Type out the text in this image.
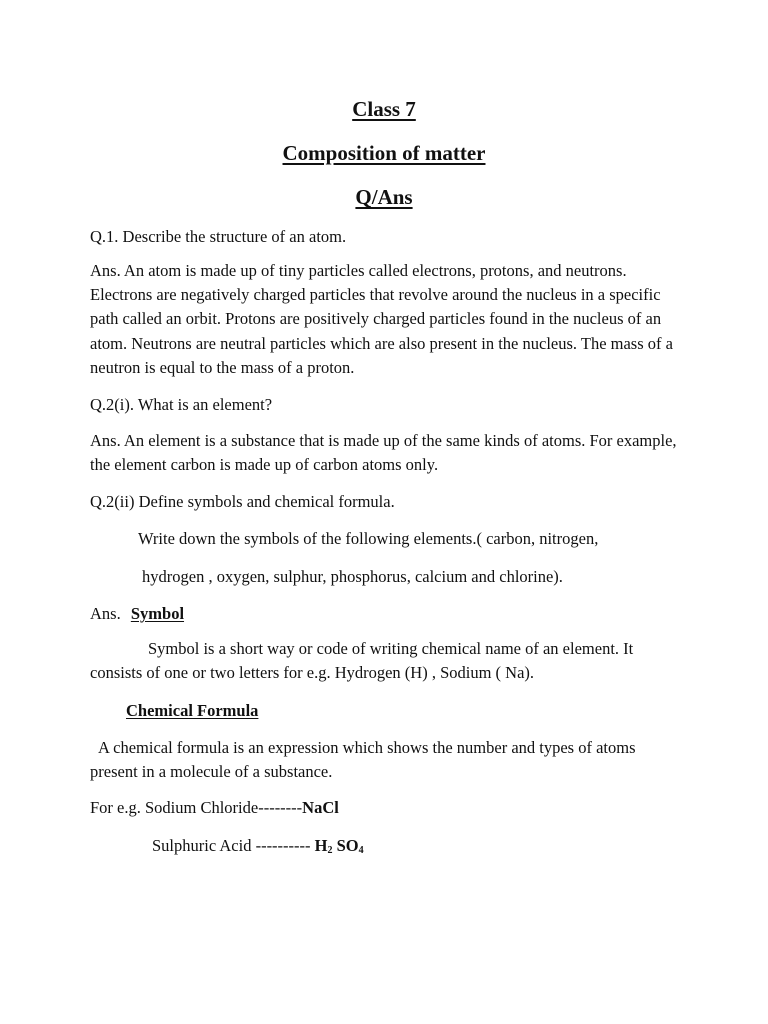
Class 7
Composition of matter
Q/Ans
Q.1. Describe the structure of an atom.
Ans. An atom is made up of tiny particles called electrons, protons, and neutrons. Electrons are negatively charged particles that revolve around the nucleus in a specific path called an orbit. Protons are positively charged particles found in the nucleus of an atom. Neutrons are neutral particles which are also present in the nucleus. The mass of a neutron is equal to the mass of a proton.
Q.2(i). What is an element?
Ans. An element is a substance that is made up of the same kinds of atoms. For example, the element carbon is made up of carbon atoms only.
Q.2(ii) Define symbols and chemical formula.
Write down the symbols of the following elements.( carbon, nitrogen,
hydrogen , oxygen, sulphur, phosphorus, calcium and chlorine).
Ans. Symbol
Symbol is a short way or code of writing chemical name of an element. It consists of one or two letters for e.g. Hydrogen (H) , Sodium ( Na).
Chemical Formula
A chemical formula is an expression which shows the number and types of atoms present in a molecule of a substance.
For e.g. Sodium Chloride--------NaCl
Sulphuric Acid ---------- $H_2$ $SO_4$
